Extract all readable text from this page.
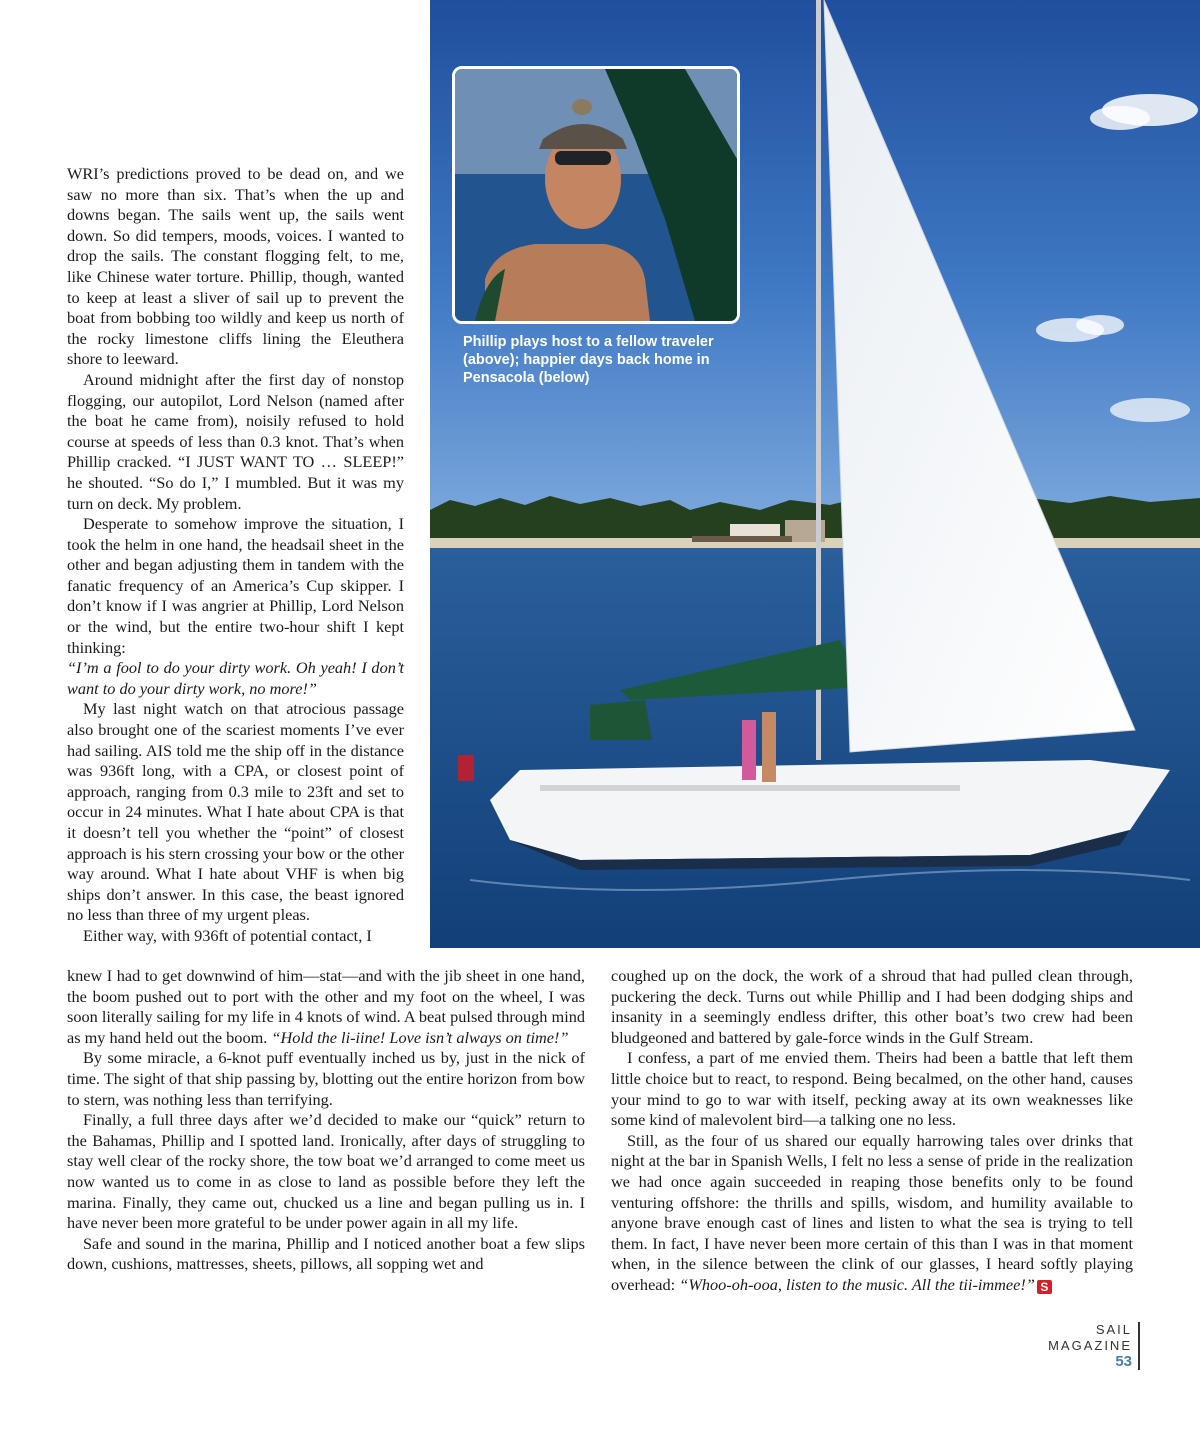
Phillip plays host to a fellow traveler (above); happier days back home in Pensacola (below)

WRI’s predictions proved to be dead on, and we saw no more than six. That’s when the up and downs began. The sails went up, the sails went down. So did tempers, moods, voices. I wanted to drop the sails. The constant flogging felt, to me, like Chinese water torture. Phillip, though, wanted to keep at least a sliver of sail up to prevent the boat from bobbing too wildly and keep us north of the rocky limestone cliffs lining the Eleuthera shore to leeward.

Around midnight after the first day of nonstop flogging, our autopilot, Lord Nelson (named after the boat he came from), noisily refused to hold course at speeds of less than 0.3 knot. That’s when Phillip cracked. “I JUST WANT TO … SLEEP!” he shouted. “So do I,” I mumbled. But it was my turn on deck. My problem.

Desperate to somehow improve the situation, I took the helm in one hand, the headsail sheet in the other and began adjusting them in tandem with the fanatic frequency of an America’s Cup skipper. I don’t know if I was angrier at Phillip, Lord Nelson or the wind, but the entire two-hour shift I kept thinking:

“I’m a fool to do your dirty work. Oh yeah! I don’t want to do your dirty work, no more!”

My last night watch on that atrocious passage also brought one of the scariest moments I’ve ever had sailing. AIS told me the ship off in the distance was 936ft long, with a CPA, or closest point of approach, ranging from 0.3 mile to 23ft and set to occur in 24 minutes. What I hate about CPA is that it doesn’t tell you whether the “point” of closest approach is his stern crossing your bow or the other way around. What I hate about VHF is when big ships don’t answer. In this case, the beast ignored no less than three of my urgent pleas.

Either way, with 936ft of potential contact, I

knew I had to get downwind of him—stat—and with the jib sheet in one hand, the boom pushed out to port with the other and my foot on the wheel, I was soon literally sailing for my life in 4 knots of wind. A beat pulsed through mind as my hand held out the boom. “Hold the li-iine! Love isn’t always on time!”

By some miracle, a 6-knot puff eventually inched us by, just in the nick of time. The sight of that ship passing by, blotting out the entire horizon from bow to stern, was nothing less than terrifying.

Finally, a full three days after we’d decided to make our “quick” return to the Bahamas, Phillip and I spotted land. Ironically, after days of struggling to stay well clear of the rocky shore, the tow boat we’d arranged to come meet us now wanted us to come in as close to land as possible before they left the marina. Finally, they came out, chucked us a line and began pulling us in. I have never been more grateful to be under power again in all my life.

Safe and sound in the marina, Phillip and I noticed another boat a few slips down, cushions, mattresses, sheets, pillows, all sopping wet and

coughed up on the dock, the work of a shroud that had pulled clean through, puckering the deck. Turns out while Phillip and I had been dodging ships and insanity in a seemingly endless drifter, this other boat’s two crew had been bludgeoned and battered by gale-force winds in the Gulf Stream.

I confess, a part of me envied them. Theirs had been a battle that left them little choice but to react, to respond. Being becalmed, on the other hand, causes your mind to go to war with itself, pecking away at its own weaknesses like some kind of malevolent bird—a talking one no less.

Still, as the four of us shared our equally harrowing tales over drinks that night at the bar in Spanish Wells, I felt no less a sense of pride in the realization we had once again succeeded in reaping those benefits only to be found venturing offshore: the thrills and spills, wisdom, and humility available to anyone brave enough cast of lines and listen to what the sea is trying to tell them. In fact, I have never been more certain of this than I was in that moment when, in the silence between the clink of our glasses, I heard softly playing overhead: “Whoo-oh-ooa, listen to the music. All the tii-immee!” S

SAIL MAGAZINE
53
